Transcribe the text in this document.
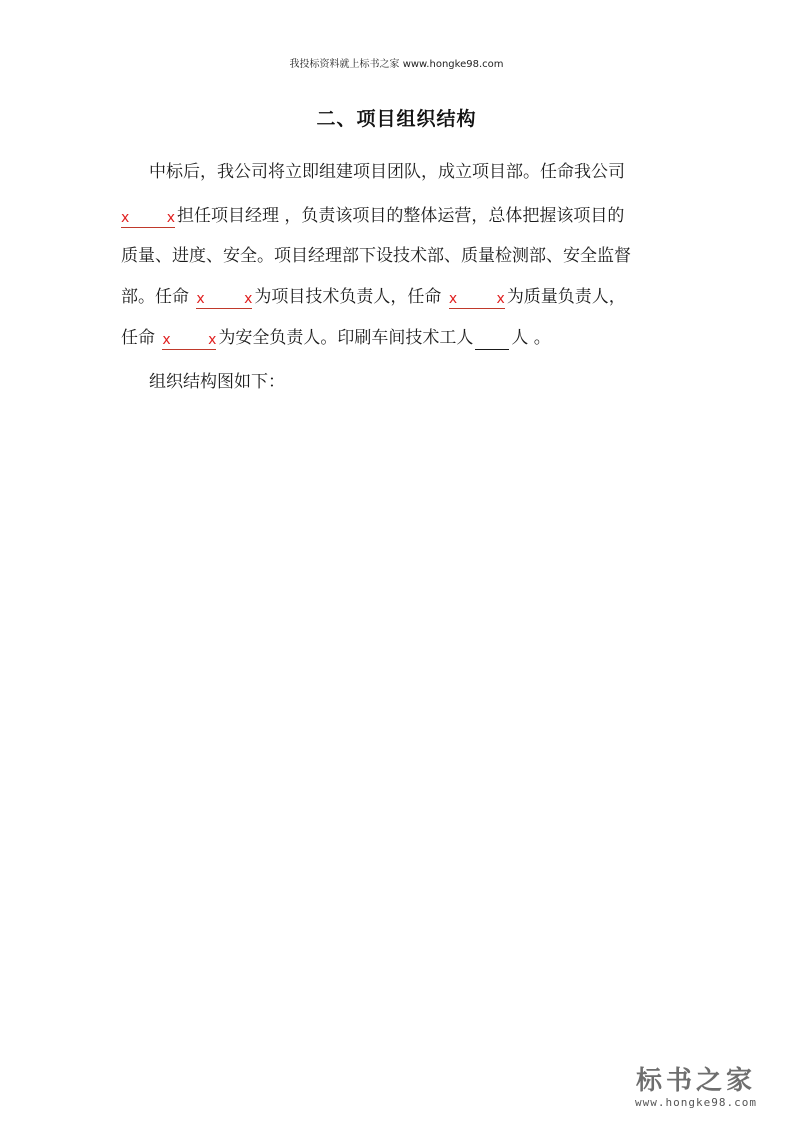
我投标资料就上标书之家 www.hongke98.com
二、项目组织结构
中标后，我公司将立即组建项目团队，成立项目部。任命我公司
x	x 担任项目经理 ，负责该项目的整体运营，总体把握该项目的
质量、进度、安全。项目经理部下设技术部、质量检测部、安全监督
部。任命 x	x 为项目技术负责人，任命 x	x 为质量负责人，
任命 x	x 为安全负责人。印刷车间技术工人 人 。
组织结构图如下：
标书之家
www.hongke98.com
